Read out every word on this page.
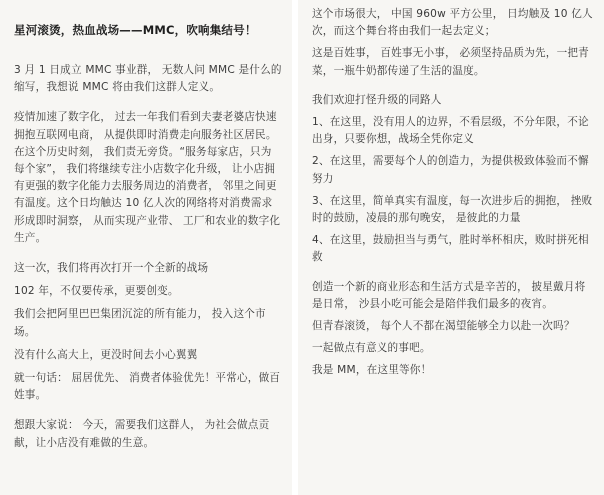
星河滚烫，热血战场——MMC，吹响集结号！

3 月 1 日成立 MMC 事业群， 无数人问 MMC 是什么的缩写，我想说 MMC 将由我们这群人定义。

疫情加速了数字化， 过去一年我们看到夫妻老婆店快速拥抱互联网电商， 从提供即时消费走向服务社区居民。在这个历史时刻， 我们责无旁贷。“服务每家店，只为每个家”， 我们将继续专注小店数字化升级， 让小店拥有更强的数字化能力去服务周边的消费者， 邻里之间更有温度。这个日均触达 10 亿人次的网络将对消费需求形成即时洞察， 从而实现产业带、 工厂和农业的数字化生产。

这一次，我们将再次打开一个全新的战场

102 年，不仅要传承，更要创变。

我们会把阿里巴巴集团沉淀的所有能力， 投入这个市场。

没有什么高大上，更没时间去小心翼翼

就一句话： 屈居优先、 消费者体验优先！平常心，做百姓事。

想跟大家说： 今天，需要我们这群人， 为社会做点贡献，让小店没有难做的生意。

这个市场很大， 中国 960w 平方公里， 日均触及 10 亿人次，而这个舞台将由我们一起去定义；

这是百姓事， 百姓事无小事， 必须坚持品质为先，一把青菜，一瓶牛奶都传递了生活的温度。

我们欢迎打怪升级的同路人

1、在这里，没有用人的边界，不看层级，不分年限，不论出身，只要你想，战场全凭你定义

2、在这里，需要每个人的创造力，为提供极致体验而不懈努力

3、在这里，简单真实有温度，每一次进步后的拥抱， 挫败时的鼓励，凌晨的那句晚安， 是彼此的力量

4、在这里，鼓励担当与勇气，胜时举杯相庆，败时拼死相救

创造一个新的商业形态和生活方式是辛苦的， 披星戴月将是日常， 沙县小吃可能会是陪伴我们最多的夜宵。

但青春滚烫， 每个人不都在渴望能够全力以赴一次吗？

一起做点有意义的事吧。

我是 MM，在这里等你！
